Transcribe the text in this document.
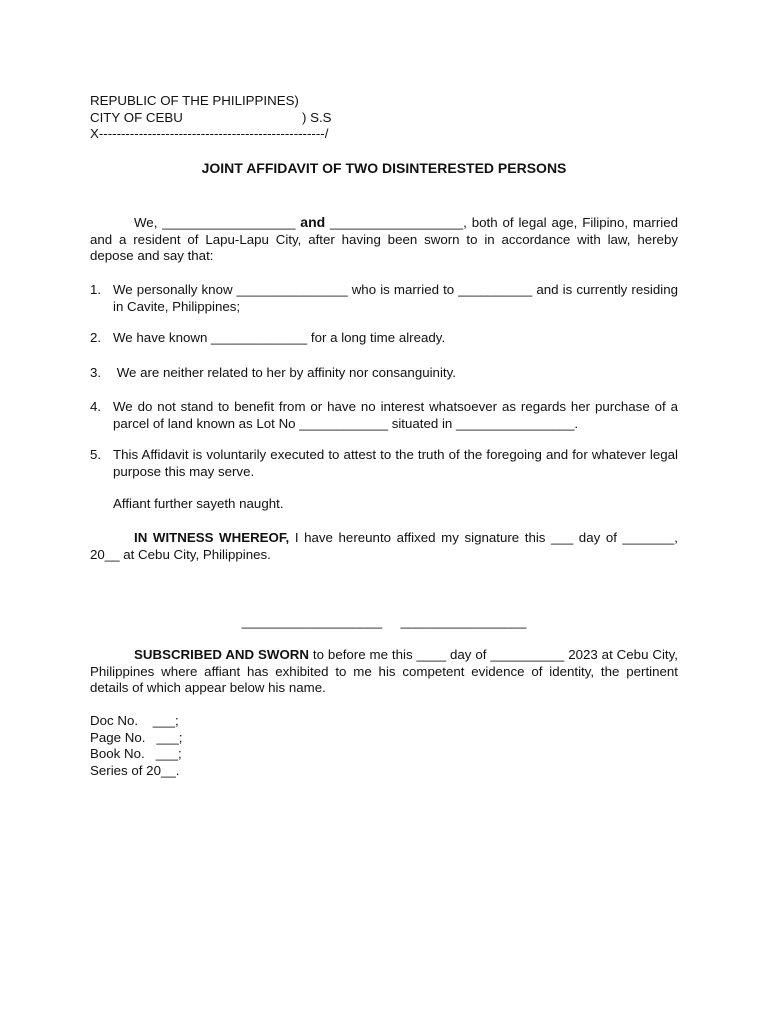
REPUBLIC OF THE PHILIPPINES)
CITY OF CEBU	) S.S
X---------------------------------------------------/
JOINT AFFIDAVIT OF TWO DISINTERESTED PERSONS
We, __________________ and __________________, both of legal age, Filipino, married and a resident of Lapu-Lapu City, after having been sworn to in accordance with law, hereby depose and say that:
1. We personally know _______________ who is married to __________ and is currently residing in Cavite, Philippines;
2. We have known _____________ for a long time already.
3. We are neither related to her by affinity nor consanguinity.
4. We do not stand to benefit from or have no interest whatsoever as regards her purchase of a parcel of land known as Lot No ____________ situated in ________________.
5. This Affidavit is voluntarily executed to attest to the truth of the foregoing and for whatever legal purpose this may serve.
Affiant further sayeth naught.
IN WITNESS WHEREOF, I have hereunto affixed my signature this ___ day of _______, 20__ at Cebu City, Philippines.
___________________     _________________
SUBSCRIBED AND SWORN to before me this ____ day of __________ 2023 at Cebu City, Philippines where affiant has exhibited to me his competent evidence of identity, the pertinent details of which appear below his name.
Doc No.    ___;
Page No.   ___;
Book No.   ___;
Series of 20__.
